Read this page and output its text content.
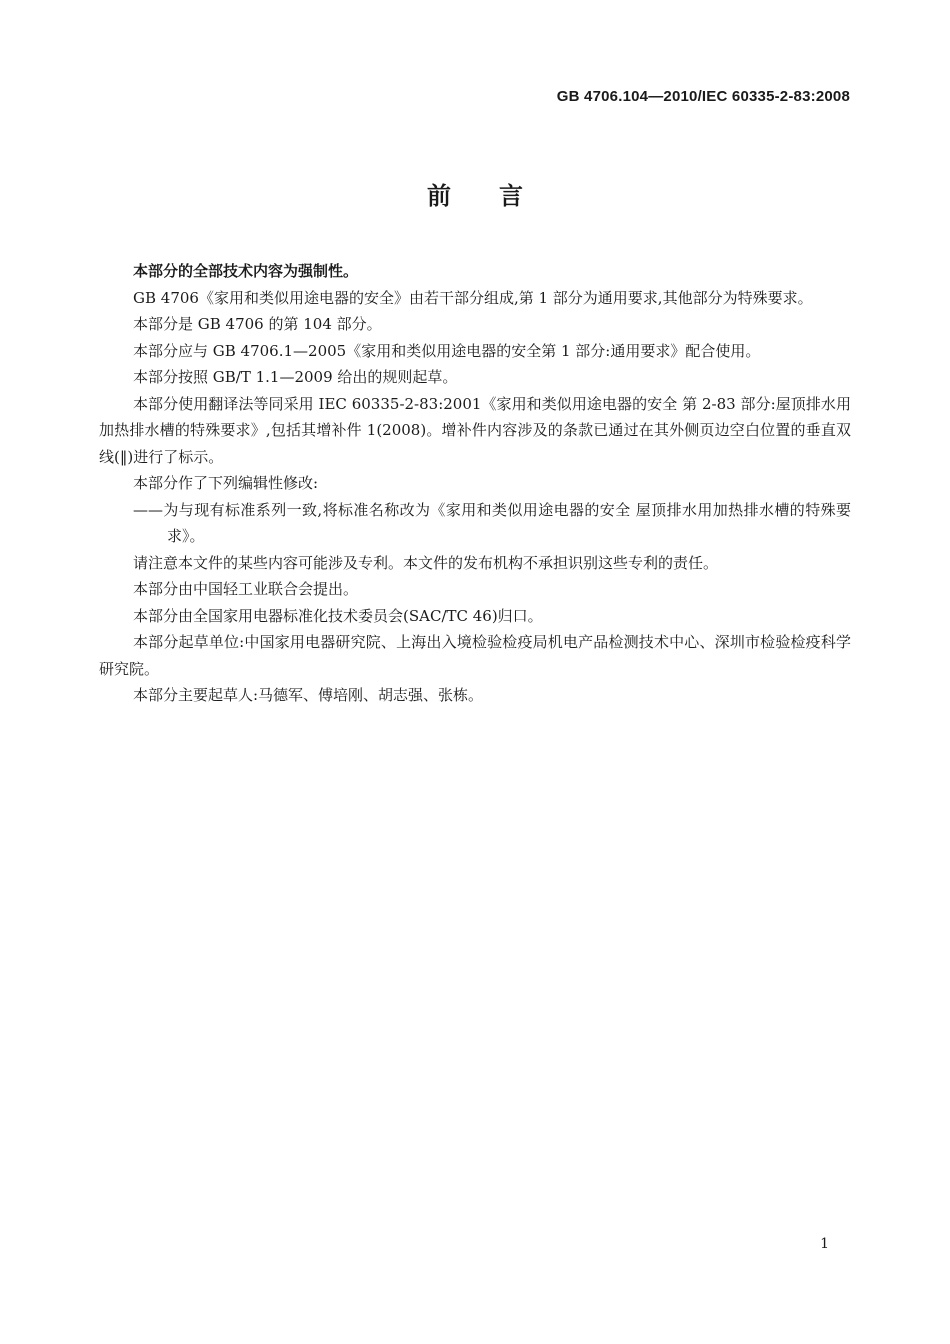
GB 4706.104—2010/IEC 60335-2-83:2008
前言

本部分的全部技术内容为强制性。

GB 4706《家用和类似用途电器的安全》由若干部分组成,第 1 部分为通用要求,其他部分为特殊要求。

本部分是 GB 4706 的第 104 部分。

本部分应与 GB 4706.1—2005《家用和类似用途电器的安全第 1 部分:通用要求》配合使用。

本部分按照 GB/T 1.1—2009 给出的规则起草。

本部分使用翻译法等同采用 IEC 60335-2-83:2001《家用和类似用途电器的安全 第 2-83 部分:屋顶排水用加热排水槽的特殊要求》,包括其增补件 1(2008)。增补件内容涉及的条款已通过在其外侧页边空白位置的垂直双线(‖)进行了标示。

本部分作了下列编辑性修改:

——为与现有标准系列一致,将标准名称改为《家用和类似用途电器的安全 屋顶排水用加热排水槽的特殊要求》。

请注意本文件的某些内容可能涉及专利。本文件的发布机构不承担识别这些专利的责任。

本部分由中国轻工业联合会提出。

本部分由全国家用电器标准化技术委员会(SAC/TC 46)归口。

本部分起草单位:中国家用电器研究院、上海出入境检验检疫局机电产品检测技术中心、深圳市检验检疫科学研究院。

本部分主要起草人:马德军、傅培刚、胡志强、张栋。

1
